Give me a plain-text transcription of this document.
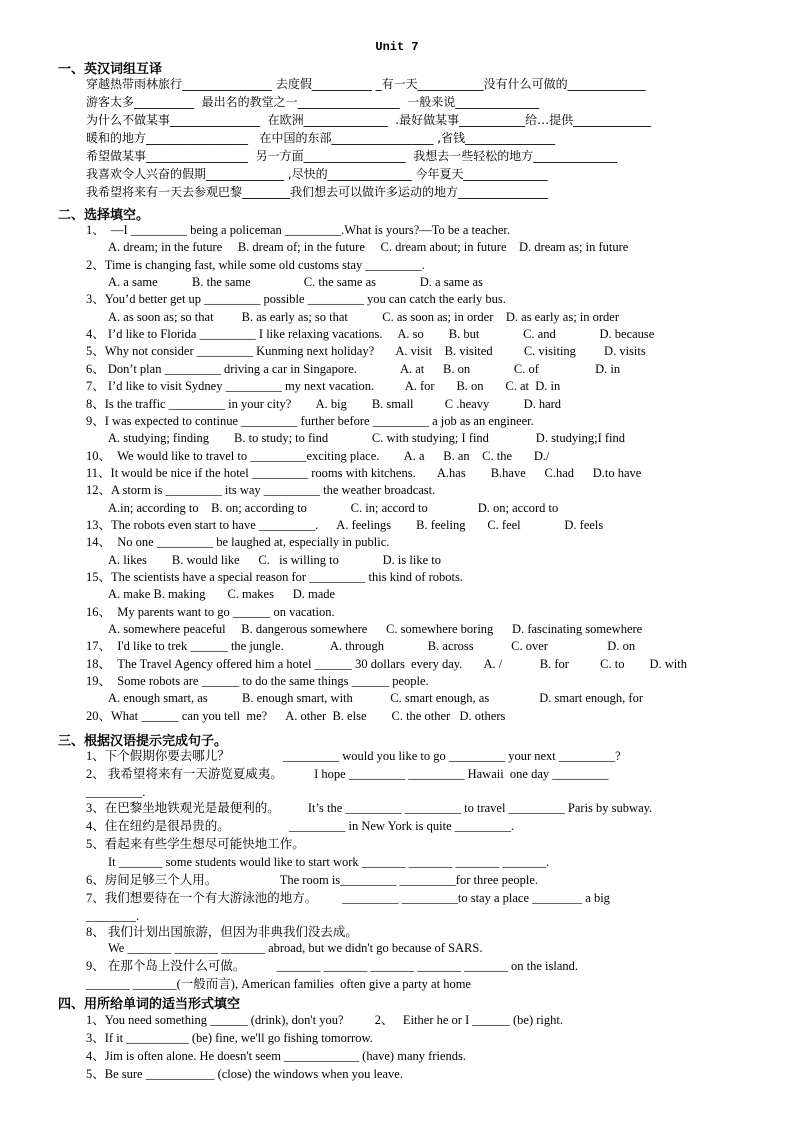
Unit 7
一、英汉词组互译
穿越热带雨林旅行_______________ 去度假__________ _有一天___________没有什么可做的_____________
游客太多__________  最出名的教堂之一_________________  一般来说______________
为什么不做某事_______________  在欧洲______________  .最好做某事___________给…提供_____________
暖和的地方_________________   在中国的东部_________________ ,省钱_______________
希望做某事_________________  另一方面_________________  我想去一些轻松的地方______________
我喜欢令人兴奋的假期_____________ ,尽快的______________ 今年夏天______________
我希望将来有一天去参观巴黎________我们想去可以做许多运动的地方_______________
二、选择填空。
1、  —I _________ being a policeman _________.What is yours?—To be a teacher.
A. dream; in the future     B. dream of; in the future     C. dream about; in future    D. dream as; in future
2、Time is changing fast, while some old customs stay _________.
A. a same           B. the same                 C. the same as              D. a same as
3、You’d better get up _________ possible _________ you can catch the early bus.
A. as soon as; so that         B. as early as; so that           C. as soon as; in order    D. as early as; in order
4、 I’d like to Florida _________ I like relaxing vacations.     A. so        B. but              C. and              D. because
5、Why not consider _________ Kunming next holiday?       A. visit    B. visited          C. visiting         D. visits
6、 Don’t plan _________ driving a car in Singapore.              A. at      B. on              C. of                  D. in
7、 I’d like to visit Sydney _________ my next vacation.          A. for       B. on       C. at  D. in
8、Is the traffic _________ in your city?        A. big        B. small          C .heavy           D. hard
9、I was expected to continue _________ further before _________ a job as an engineer.
A. studying; finding        B. to study; to find              C. with studying; I find               D. studying;I find
10、  We would like to travel to _________exciting place.        A. a      B. an    C. the       D./
11、It would be nice if the hotel _________ rooms with kitchens.       A.has        B.have      C.had      D.to have
12、A storm is _________ its way _________ the weather broadcast.
A.in; according to    B. on; according to              C. in; accord to                D. on; accord to
13、The robots even start to have _________.      A. feelings        B. feeling       C. feel              D. feels
14、  No one _________ be laughed at, especially in public.
A. likes        B. would like      C.   is willing to              D. is like to
15、The scientists have a special reason for _________ this kind of robots.
A. make B. making       C. makes      D. made
16、  My parents want to go ______ on vacation.
A. somewhere peaceful     B. dangerous somewhere      C. somewhere boring      D. fascinating somewhere
17、  I'd like to trek ______ the jungle.               A. through              B. across            C. over                   D. on
18、  The Travel Agency offered him a hotel ______ 30 dollars  every day.       A. /            B. for          C. to        D. with
19、  Some robots are ______ to do the same things ______ people.
A. enough smart, as           B. enough smart, with            C. smart enough, as                D. smart enough, for
20、What ______ can you tell  me?      A. other  B. else        C. the other   D. others
三、根据汉语提示完成句子。
1、下个假期你要去哪儿？                 _________ would you like to go _________ your next _________?
2、 我希望将来有一天游览夏威夷。          I hope _________ _________ Hawaii  one day _________
_________.
3、在巴黎坐地铁观光是最便利的。         It’s the _________ _________ to travel _________ Paris by subway.
4、住在纽约是很昂贵的。                   _________ in New York is quite _________.
5、看起来有些学生想尽可能快地工作。
It _______ some students would like to start work _______ _______ _______ _______.
6、房间足够三个人用。                    The room is_________ _________for three people.
7、我们想要待在一个有大游泳池的地方。        _________ _________to stay a place ________ a big
________.
8、 我们计划出国旅游，但因为非典我们没去成。
We _______ _______ _______ abroad, but we didn't go because of SARS.
9、 在那个岛上没什么可做。          _______ _______ _______ _______ _______ on the island.
_______ _______(一般而言), American families  often give a party at home
四、用所给单词的适当形式填空
1、You need something ______ (drink), don't you?          2、   Either he or I ______ (be) right.
3、If it __________ (be) fine, we'll go fishing tomorrow.
4、Jim is often alone. He doesn't seem ____________ (have) many friends.
5、Be sure ___________ (close) the windows when you leave.
